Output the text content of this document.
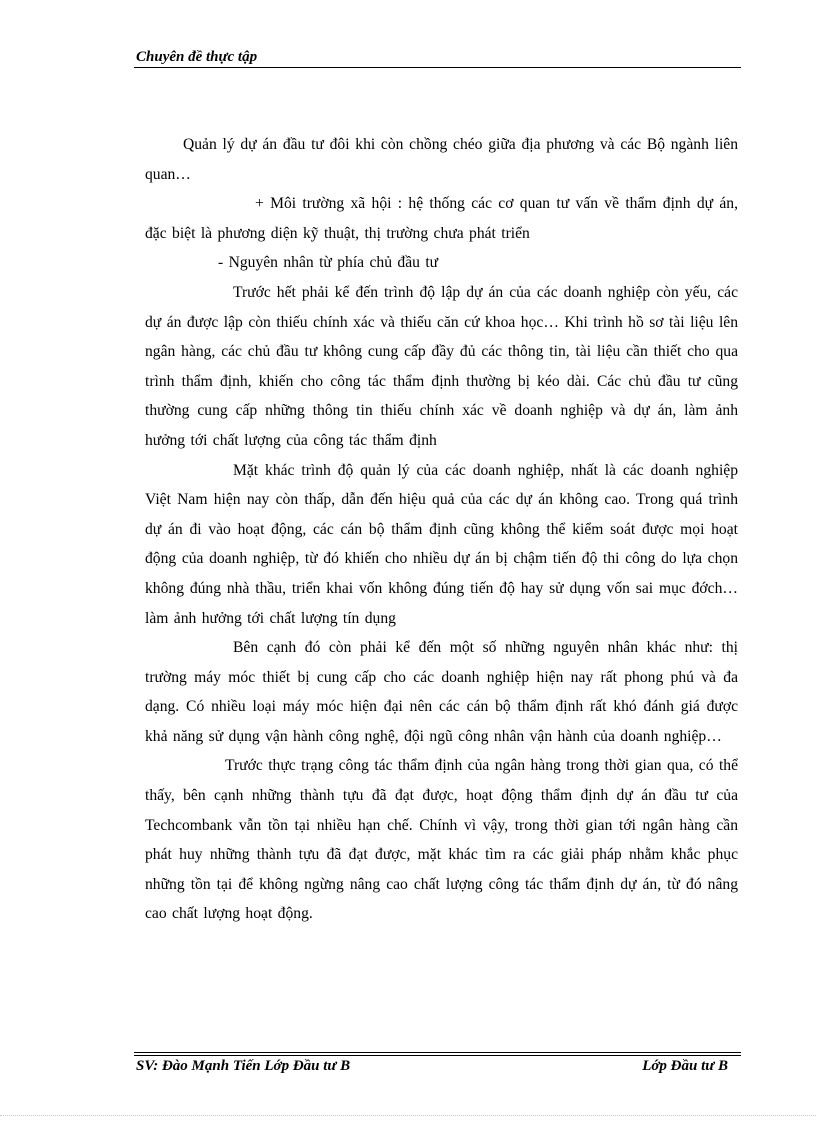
Chuyên đề thực tập

Quản lý dự án đầu tư đôi khi còn chồng chéo giữa địa phương và các Bộ ngành liên quan…

+ Môi trường xã hội : hệ thống các cơ quan tư vấn về thẩm định dự án, đặc biệt là phương diện kỹ thuật, thị trường chưa phát triển

- Nguyên nhân từ phía chủ đầu tư

Trước hết phải kể đến trình độ lập dự án của các doanh nghiệp còn yếu, các dự án được lập còn thiếu chính xác và thiếu căn cứ khoa học… Khi trình hồ sơ tài liệu lên ngân hàng, các chủ đầu tư không cung cấp đầy đủ các thông tin, tài liệu cần thiết cho qua trình thẩm định, khiến cho công tác thẩm định thường bị kéo dài. Các chủ đầu tư cũng thường cung cấp những thông tin thiếu chính xác về doanh nghiệp và dự án, làm ảnh hưởng tới chất lượng của công tác thẩm định

Mặt khác trình độ quản lý của các doanh nghiệp, nhất là các doanh nghiệp Việt Nam hiện nay còn thấp, dẫn đến hiệu quả của các dự án không cao. Trong quá trình dự án đi vào hoạt động, các cán bộ thẩm định cũng không thể kiểm soát được mọi hoạt động của doanh nghiệp, từ đó khiến cho nhiều dự án bị chậm tiến độ thi công do lựa chọn không đúng nhà thầu, triển khai vốn không đúng tiến độ hay sử dụng vốn sai mục đớch… làm ảnh hưởng tới chất lượng tín dụng

Bên cạnh đó còn phải kể đến một số những nguyên nhân khác như: thị trường máy móc thiết bị cung cấp cho các doanh nghiệp hiện nay rất phong phú và đa dạng. Có nhiều loại máy móc hiện đại nên các cán bộ thẩm định rất khó đánh giá được khả năng sử dụng vận hành công nghệ, đội ngũ công nhân vận hành của doanh nghiệp…

Trước thực trạng công tác thẩm định của ngân hàng trong thời gian qua, có thể thấy, bên cạnh những thành tựu đã đạt được, hoạt động thẩm định dự án đầu tư của Techcombank vẫn tồn tại nhiều hạn chế. Chính vì vậy, trong thời gian tới ngân hàng cần phát huy những thành tựu đã đạt được, mặt khác tìm ra các giải pháp nhằm khắc phục những tồn tại để không ngừng nâng cao chất lượng công tác thẩm định dự án, từ đó nâng cao chất lượng hoạt động.

SV: Đào Mạnh Tiến Lớp Đầu tư B	Lớp Đầu tư B
